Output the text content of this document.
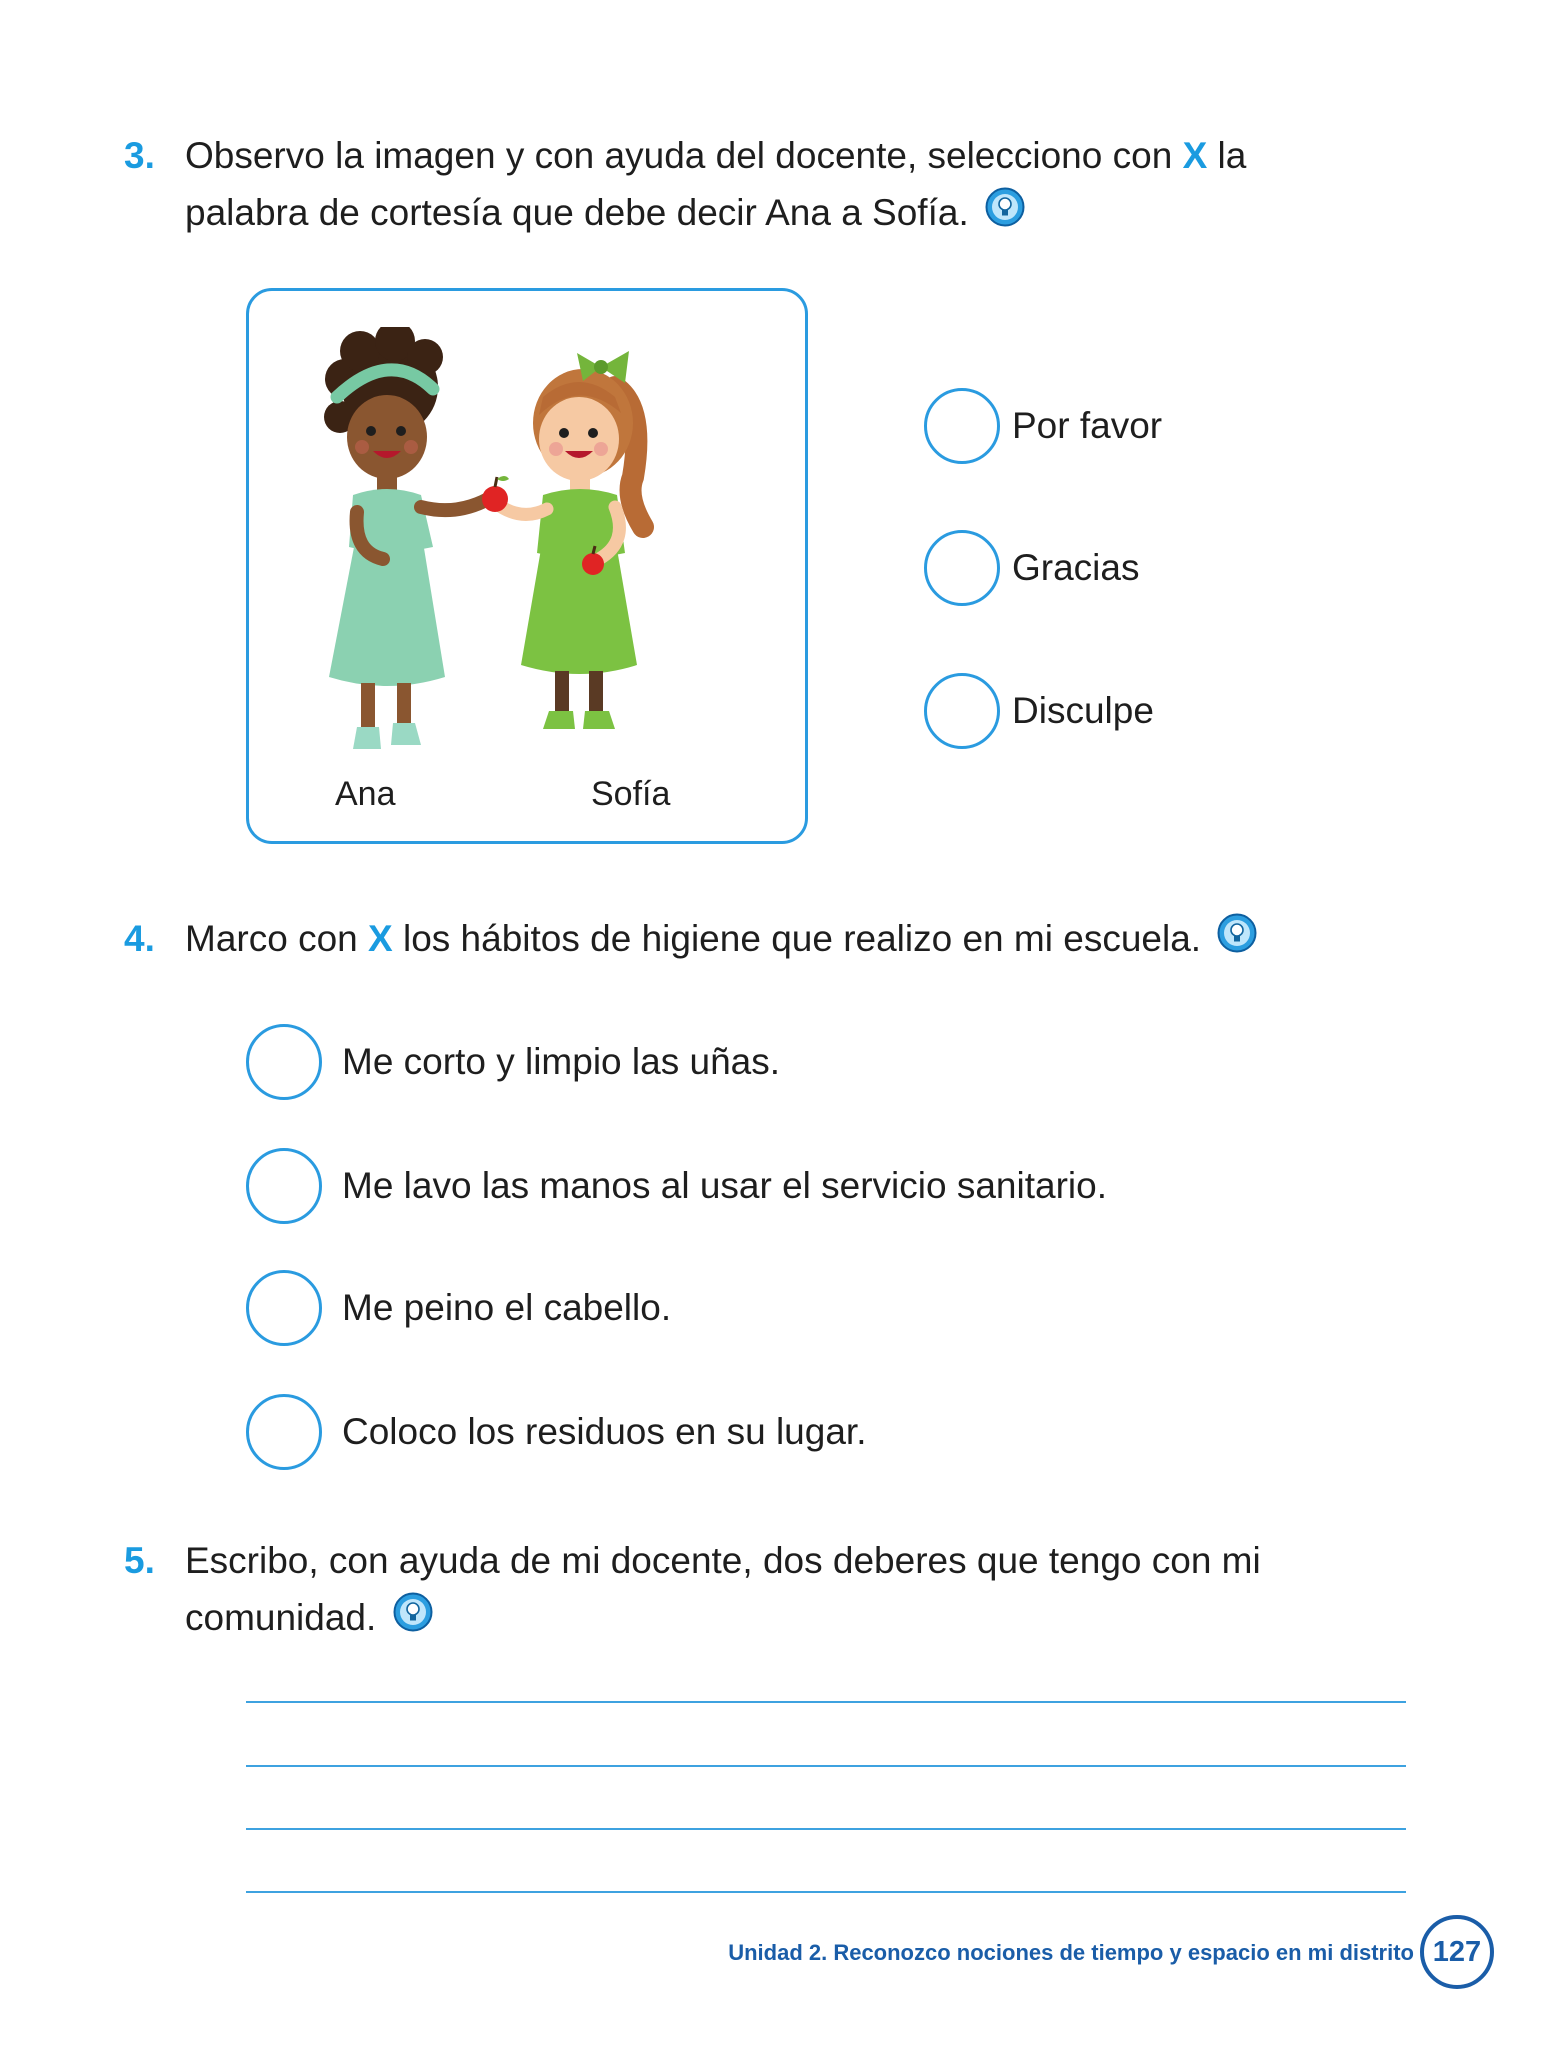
3. Observo la imagen y con ayuda del docente, selecciono con X la
palabra de cortesía que debe decir Ana a Sofía.
Ana	Sofía
Por favor
Gracias
Disculpe
4. Marco con X los hábitos de higiene que realizo en mi escuela.
Me corto y limpio las uñas.
Me lavo las manos al usar el servicio sanitario.
Me peino el cabello.
Coloco los residuos en su lugar.
5. Escribo, con ayuda de mi docente, dos deberes que tengo con mi
comunidad.
Unidad 2. Reconozco nociones de tiempo y espacio en mi distrito 127
